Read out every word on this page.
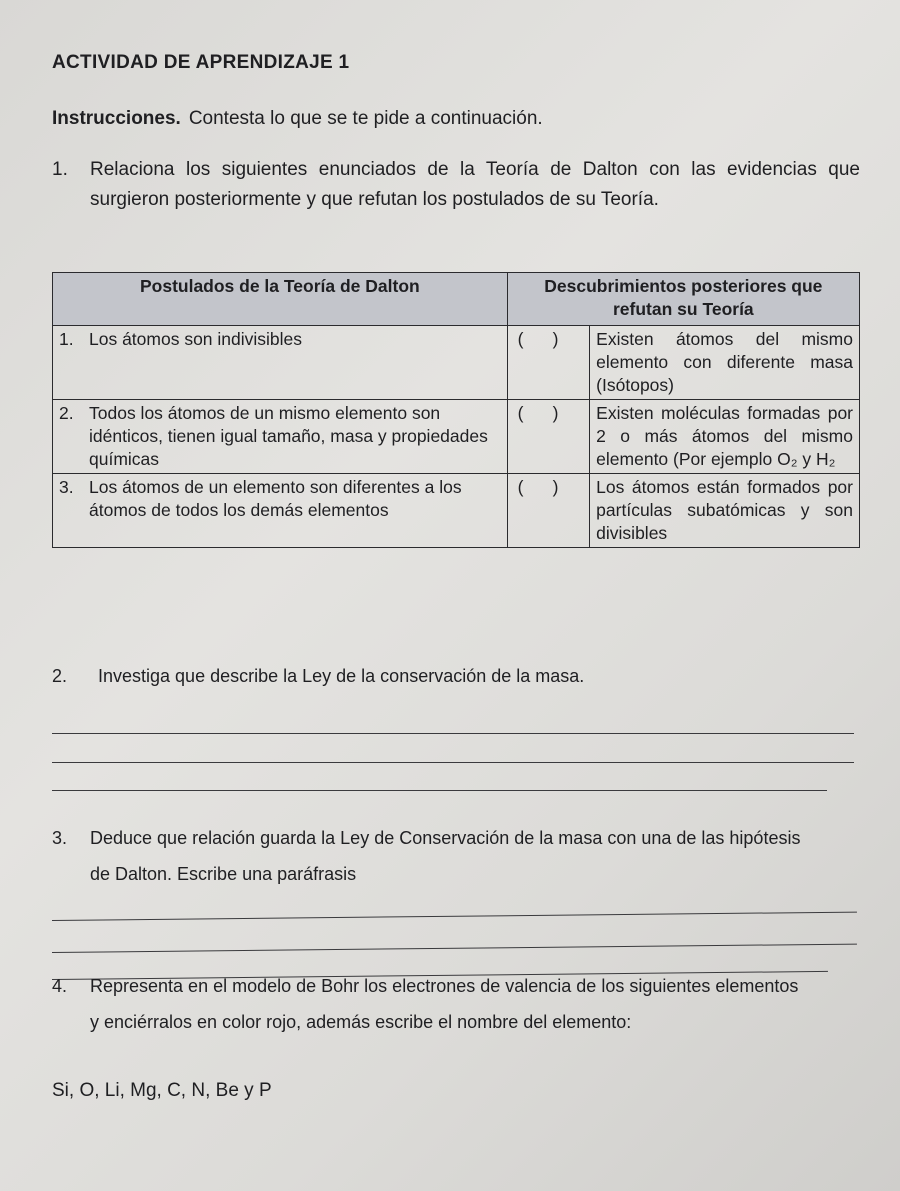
ACTIVIDAD DE APRENDIZAJE 1
Instrucciones. Contesta lo que se te pide a continuación.
1. Relaciona los siguientes enunciados de la Teoría de Dalton con las evidencias que surgieron posteriormente y que refutan los postulados de su Teoría.
Postulados de la Teoría de Dalton	Descubrimientos posteriores que refutan su Teoría	

1. Los átomos son indivisibles	(      )	Existen átomos del mismo elemento con diferente masa (Isótopos)

2. Todos los átomos de un mismo elemento son idénticos, tienen igual tamaño, masa y propiedades químicas	(      )	Existen moléculas formadas por 2 o más átomos del mismo elemento (Por ejemplo O₂ y H₂

3. Los átomos de un elemento son diferentes a los átomos de todos los demás elementos	(      )	Los átomos están formados por partículas subatómicas y son divisibles
2. Investiga que describe la Ley de la conservación de la masa.
3. Deduce que relación guarda la Ley de Conservación de la masa con una de las hipótesis
de Dalton. Escribe una paráfrasis
4. Representa en el modelo de Bohr los electrones de valencia de los siguientes elementos
y enciérralos en color rojo, además escribe el nombre del elemento:
Si, O, Li, Mg, C, N, Be y P
